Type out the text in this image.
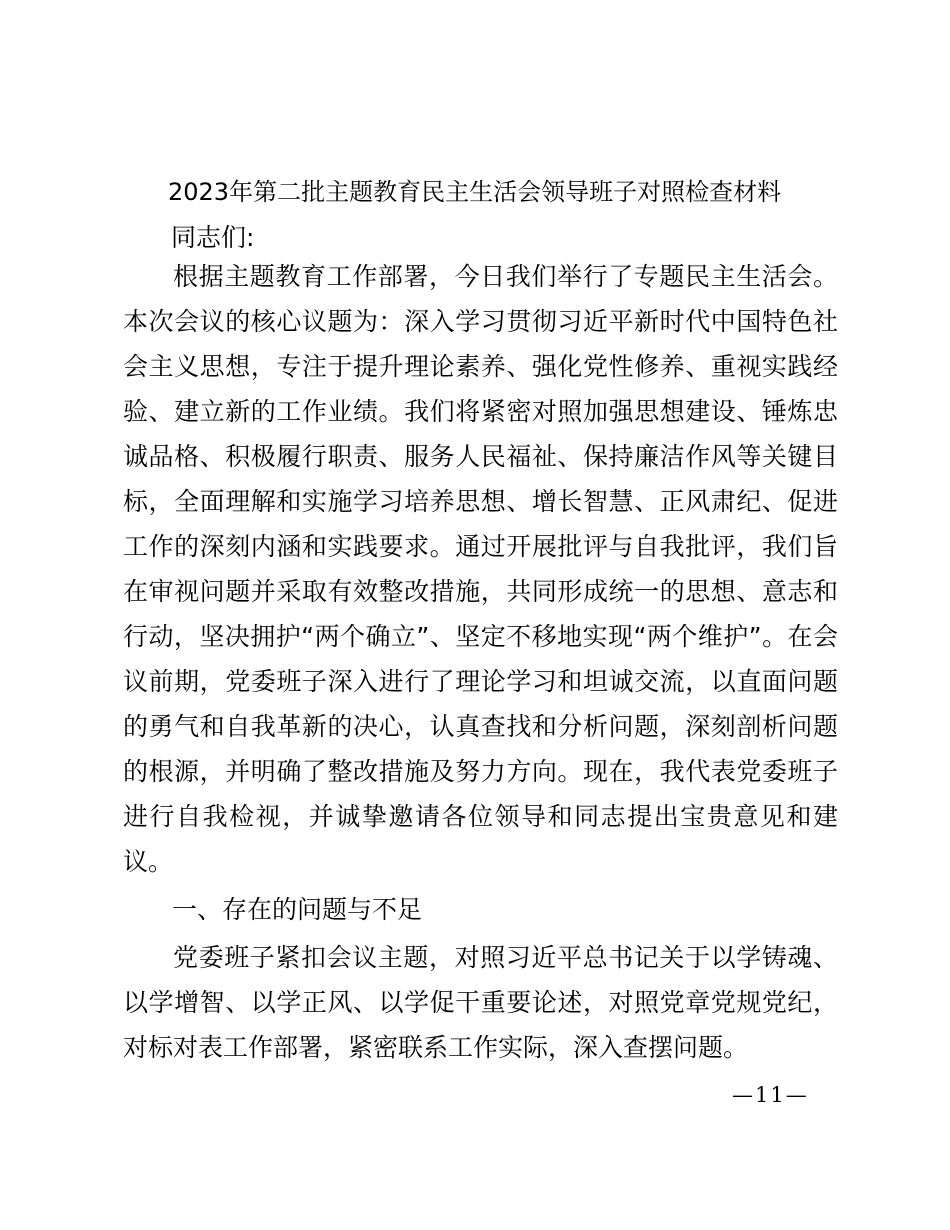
2023年第二批主题教育民主生活会领导班子对照检查材料
同志们:

根据主题教育工作部署，今日我们举行了专题民主生活会。本次会议的核心议题为：深入学习贯彻习近平新时代中国特色社会主义思想，专注于提升理论素养、强化党性修养、重视实践经验、建立新的工作业绩。我们将紧密对照加强思想建设、锤炼忠诚品格、积极履行职责、服务人民福祉、保持廉洁作风等关键目标，全面理解和实施学习培养思想、增长智慧、正风肃纪、促进工作的深刻内涵和实践要求。通过开展批评与自我批评，我们旨在审视问题并采取有效整改措施，共同形成统一的思想、意志和行动，坚决拥护“两个确立”、坚定不移地实现“两个维护”。在会议前期，党委班子深入进行了理论学习和坦诚交流，以直面问题的勇气和自我革新的决心，认真查找和分析问题，深刻剖析问题的根源，并明确了整改措施及努力方向。现在，我代表党委班子进行自我检视，并诚挚邀请各位领导和同志提出宝贵意见和建议。

一、存在的问题与不足

党委班子紧扣会议主题，对照习近平总书记关于以学铸魂、以学增智、以学正风、以学促干重要论述，对照党章党规党纪，对标对表工作部署，紧密联系工作实际，深入查摆问题。

—11—
